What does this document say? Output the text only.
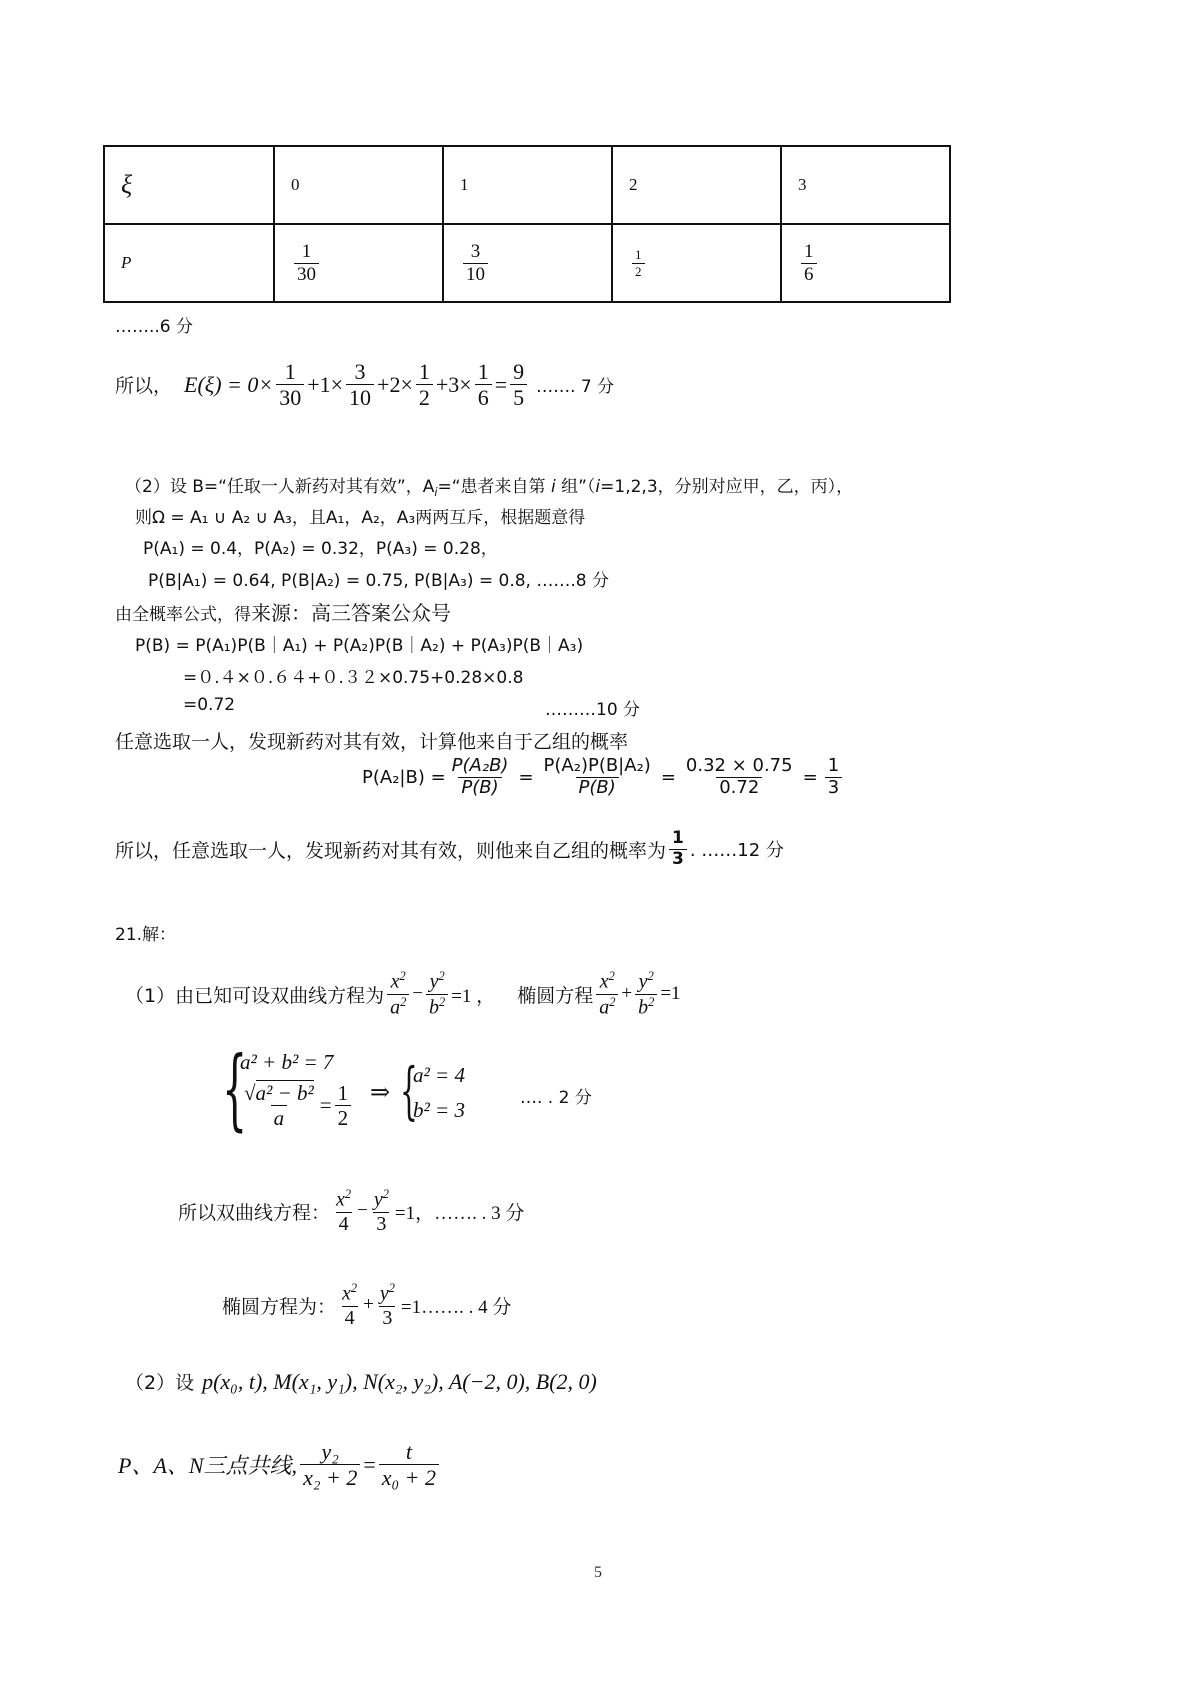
ξ	0	1	2	3
P	$\frac{1}{30}$	$\frac{3}{10}$	$\frac{1}{2}$	$\frac{1}{6}$
……..6 分
所以， $E(\xi) = 0\times \frac{1}{30} +1\times \frac{3}{10} +2\times \frac{1}{2} +3\times \frac{1}{6} = \frac{9}{5}$ ……. 7 分
（2）设 B=“任取一人新药对其有效”，$A_i=“$患者来自第 i 组”（i=1,2,3，分别对应甲，乙，丙），
则Ω = A₁ ∪ A₂ ∪ A₃，且A₁，A₂，A₃两两互斥，根据题意得
P(A₁) = 0.4，P(A₂) = 0.32，P(A₃) = 0.28，
P(B|A₁) = 0.64, P(B|A₂) = 0.75, P(B|A₃) = 0.8, …….8 分
由全概率公式，得来源：高三答案公众号
P(B) = P(A₁)P(B｜A₁) + P(A₂)P(B｜A₂) + P(A₃)P(B｜A₃)
=０.４×０.６４+０.３２×0.75+0.28×0.8
=0.72	………10 分
任意选取一人，发现新药对其有效，计算他来自于乙组的概率
$P(A_2|B) = \frac{\text{P(A₂B)}}{P(B)} = \frac{\text{P(A₂)P(B|A₂)}}{P(B)} = \frac{0.32 \times 0.75}{0.72} = \frac{1}{3}$
所以，任意选取一人，发现新药对其有效，则他来自乙组的概率为 $\frac{1}{3}$ . ……12 分
21.解：
（1）由已知可设双曲线方程为 $\frac{x^2}{a^2} - \frac{y^2}{b^2} =1$ ， 椭圆方程 $\frac{x^2}{a^2} + \frac{y^2}{b^2} =1$
{
a² + b² = 7
$\frac{\text{√a² − b²}}{a} = \frac{1}{2}$ ⇒ {
a² = 4
b² = 3	…. . 2 分
所以双曲线方程： $\frac{x^2}{4} - \frac{y^2}{3} =1$，……. . 3 分
椭圆方程为： $\frac{x^2}{4} + \frac{y^2}{3}$ =1……. . 4 分
（2）设 p(x₀, t), M(x₁, y₁), N(x₂, y₂), A(−2, 0), B(2, 0)
P、A、N三点共线, $\frac{\text{y₂}}{\text{x₂ + 2}} = \frac{t}{\text{x₀ + 2}}$
5
